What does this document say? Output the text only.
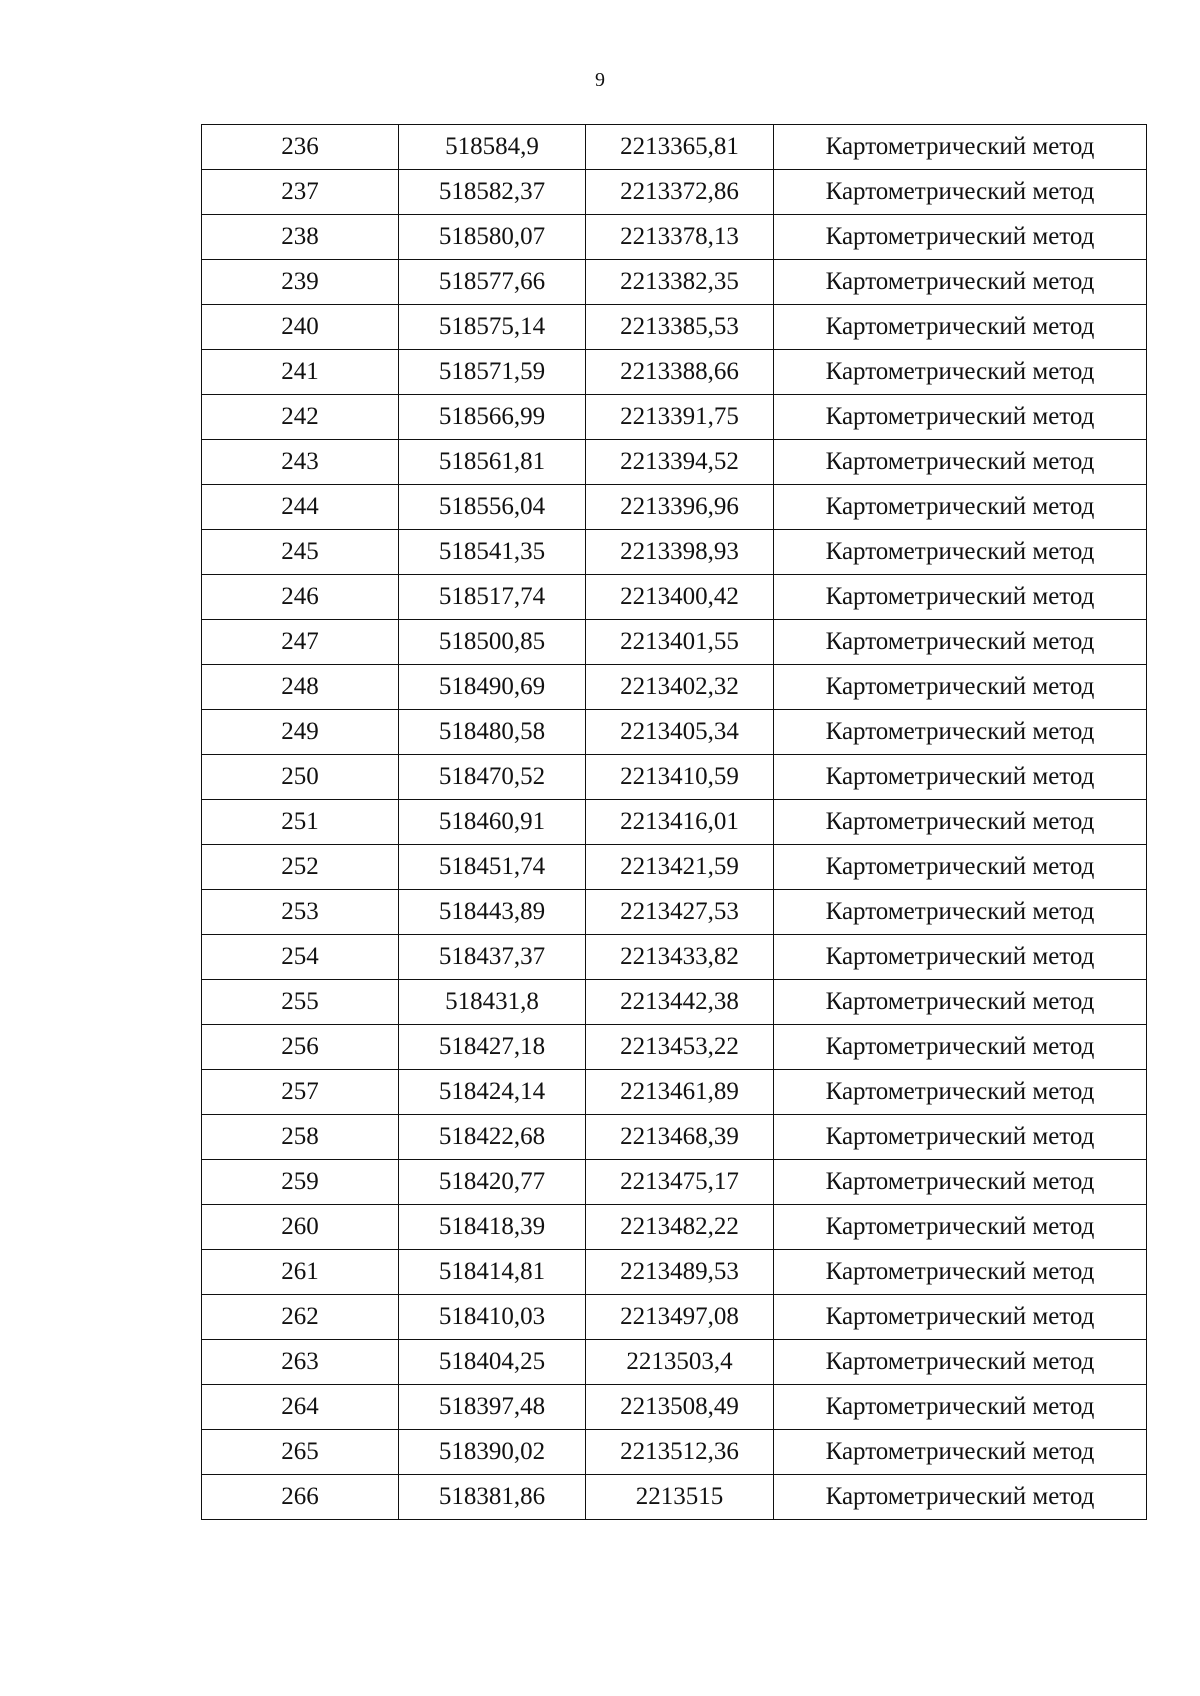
9
236	518584,9	2213365,81	Картометрический метод
237	518582,37	2213372,86	Картометрический метод
238	518580,07	2213378,13	Картометрический метод
239	518577,66	2213382,35	Картометрический метод
240	518575,14	2213385,53	Картометрический метод
241	518571,59	2213388,66	Картометрический метод
242	518566,99	2213391,75	Картометрический метод
243	518561,81	2213394,52	Картометрический метод
244	518556,04	2213396,96	Картометрический метод
245	518541,35	2213398,93	Картометрический метод
246	518517,74	2213400,42	Картометрический метод
247	518500,85	2213401,55	Картометрический метод
248	518490,69	2213402,32	Картометрический метод
249	518480,58	2213405,34	Картометрический метод
250	518470,52	2213410,59	Картометрический метод
251	518460,91	2213416,01	Картометрический метод
252	518451,74	2213421,59	Картометрический метод
253	518443,89	2213427,53	Картометрический метод
254	518437,37	2213433,82	Картометрический метод
255	518431,8	2213442,38	Картометрический метод
256	518427,18	2213453,22	Картометрический метод
257	518424,14	2213461,89	Картометрический метод
258	518422,68	2213468,39	Картометрический метод
259	518420,77	2213475,17	Картометрический метод
260	518418,39	2213482,22	Картометрический метод
261	518414,81	2213489,53	Картометрический метод
262	518410,03	2213497,08	Картометрический метод
263	518404,25	2213503,4	Картометрический метод
264	518397,48	2213508,49	Картометрический метод
265	518390,02	2213512,36	Картометрический метод
266	518381,86	2213515	Картометрический метод
